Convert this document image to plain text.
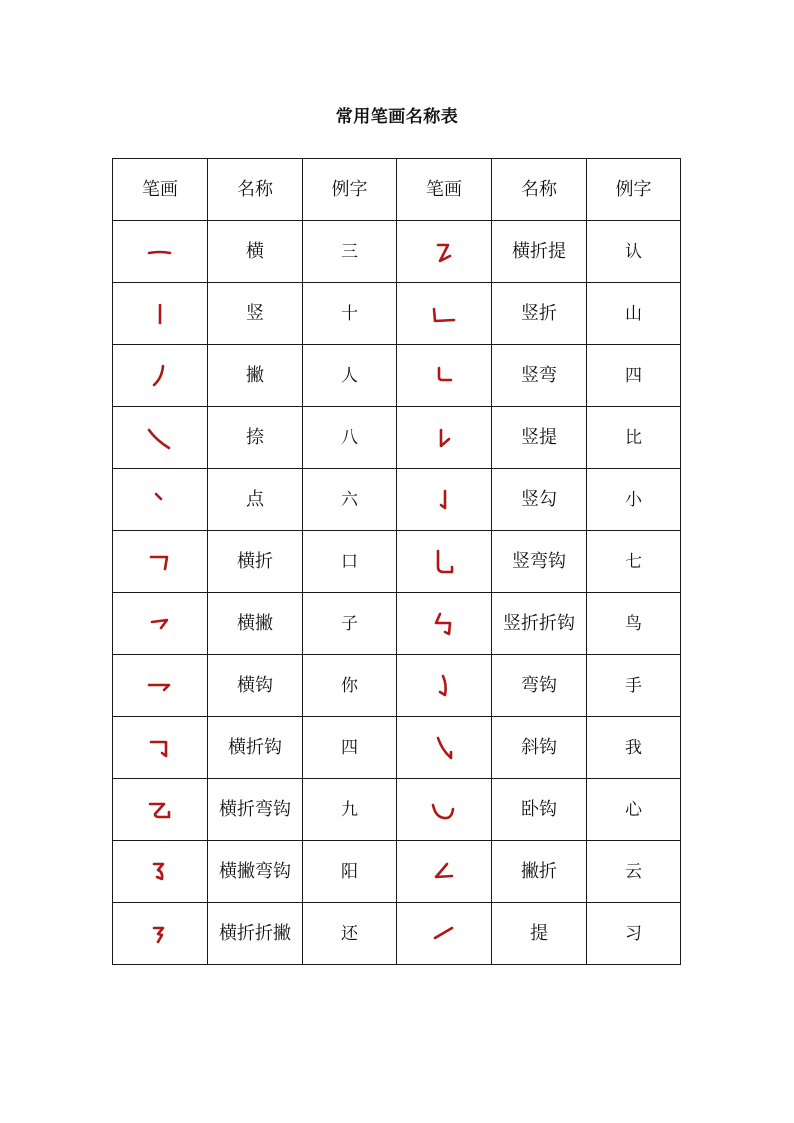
常用笔画名称表
笔画	名称	例字	笔画	名称	例字

	横	三		横折提	认

	竖	十		竖折	山

	撇	人		竖弯	四

	捺	八		竖提	比

	点	六		竖勾	小

	横折	口		竖弯钩	七

	横撇	子		竖折折钩	鸟

	横钩	你		弯钩	手

	横折钩	四		斜钩	我

	横折弯钩	九		卧钩	心

	横撇弯钩	阳		撇折	云

	横折折撇	还		提	习
